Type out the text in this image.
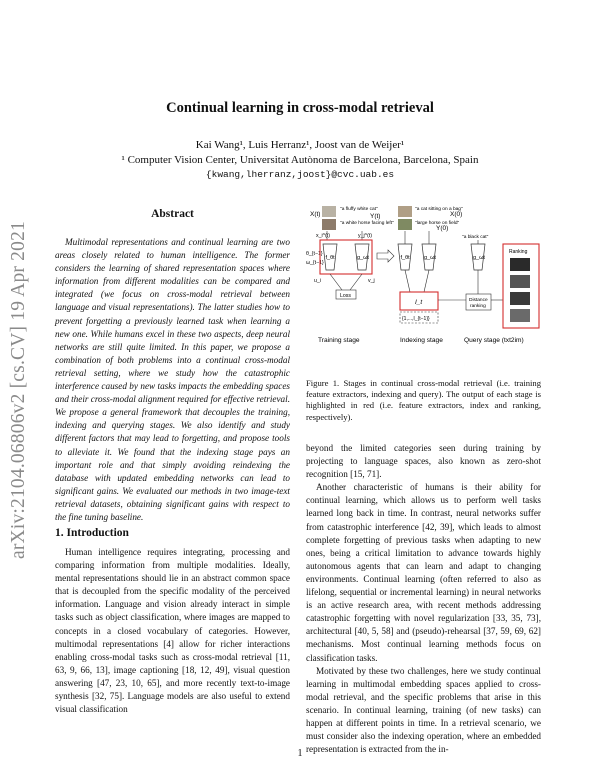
arXiv:2104.06806v2 [cs.CV] 19 Apr 2021
Continual learning in cross-modal retrieval
Kai Wang¹, Luis Herranz¹, Joost van de Weijer¹
¹ Computer Vision Center, Universitat Autònoma de Barcelona, Barcelona, Spain
{kwang,lherranz,joost}@cvc.uab.es
Abstract

Multimodal representations and continual learning are two areas closely related to human intelligence. The former considers the learning of shared representation spaces where information from different modalities can be compared and integrated (we focus on cross-modal retrieval between language and visual representations). The latter studies how to prevent forgetting a previously learned task when learning a new one. While humans excel in these two aspects, deep neural networks are still quite limited. In this paper, we propose a combination of both problems into a continual cross-modal retrieval setting, where we study how the catastrophic interference caused by new tasks impacts the embedding spaces and their cross-modal alignment required for effective retrieval. We propose a general framework that decouples the training, indexing and querying stages. We also identify and study different factors that may lead to forgetting, and propose tools to alleviate it. We found that the indexing stage pays an important role and that simply avoiding reindexing the database with updated embedding networks can lead to significant gains. We evaluated our methods in two image-text retrieval datasets, obtaining significant gains with respect to the fine tuning baseline.

1. Introduction

Human intelligence requires integrating, processing and comparing information from multiple modalities. Ideally, mental representations should lie in an abstract common space that is decoupled from the specific modality of the perceived information. Language and vision already interact in simple tasks such as object classification, where images are mapped to concepts in a closed vocabulary of categories. However, multimodal representations [4] allow for richer interactions enabling cross-modal tasks such as cross-modal retrieval [11, 63, 9, 66, 13], image captioning [18, 12, 49], visual question answering [47, 23, 10, 65], and more recently text-to-image synthesis [32, 75]. Language models are also useful to extend visual classification

X(t)
"a fluffy white cat"
Y(t)
"a white horse facing left"
x_i^(t)	y_j^(t)
θ_{t−1}
ω_{t−1}
f_θt	g_ωt
u_i	v_j
Loss
"a cat sitting on a bag"
X(0)
"large horse on field"
Y(0)
f_θt	g_ωt
I_t
{1,...,I_{t−1}}
"a black cat"
g_ωt
Distance
ranking
Ranking
Training stage	Indexing stage	Query stage (txt2im)
Figure 1. Stages in continual cross-modal retrieval (i.e. training feature extractors, indexing and query). The output of each stage is highlighted in red (i.e. feature extractors, index and ranking, respectively).

beyond the limited categories seen during training by projecting to language spaces, also known as zero-shot recognition [15, 71].

Another characteristic of humans is their ability for continual learning, which allows us to perform well tasks learned long back in time. In contrast, neural networks suffer from catastrophic interference [42, 39], which leads to almost complete forgetting of previous tasks when adapting to new ones, being a critical limitation to advance towards highly autonomous agents that can learn and adapt to changing environments. Continual learning (often referred to also as lifelong, sequential or incremental learning) in neural networks is an active research area, with recent methods addressing catastrophic forgetting with novel regularization [33, 35, 73], architectural [40, 5, 58] and (pseudo)-rehearsal [37, 59, 69, 62] mechanisms. Most continual learning methods focus on classification tasks.

Motivated by these two challenges, here we study continual learning in multimodal embedding spaces applied to cross-modal retrieval, and the specific problems that arise in this scenario. In continual learning, training (of new tasks) can happen at different points in time. In a retrieval scenario, we must consider also the indexing operation, where an embedded representation is extracted from the in-

1
